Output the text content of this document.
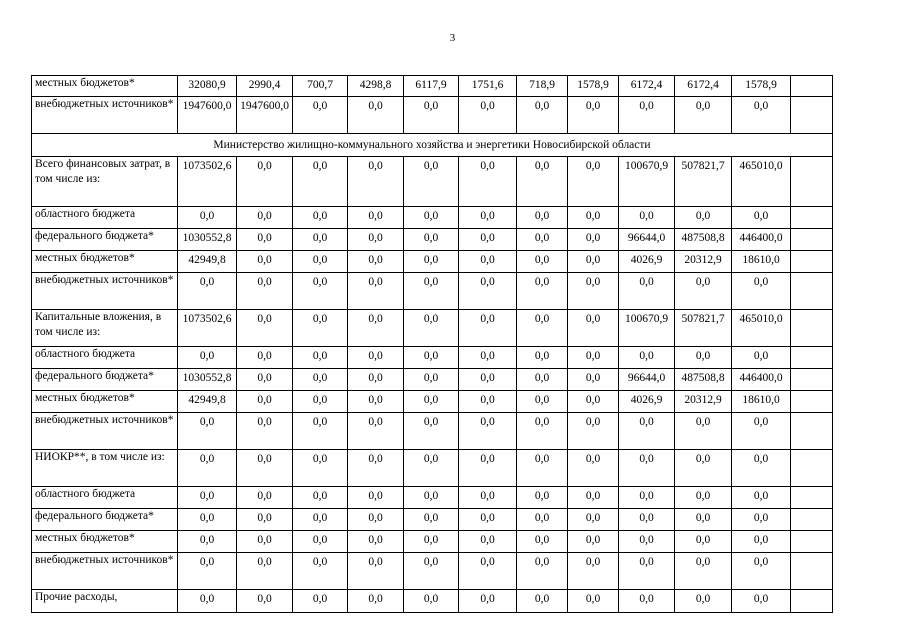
3
местных бюджетов*	32080,9	2990,4	700,7	4298,8	6117,9	1751,6	718,9	1578,9	6172,4	6172,4	1578,9	
внебюджетных источников*	1947600,0	1947600,0	0,0	0,0	0,0	0,0	0,0	0,0	0,0	0,0	0,0	
Министерство жилищно-коммунального хозяйства и энергетики Новосибирской области												
Всего финансовых затрат, в том числе из:	1073502,6	0,0	0,0	0,0	0,0	0,0	0,0	0,0	100670,9	507821,7	465010,0	
областного бюджета	0,0	0,0	0,0	0,0	0,0	0,0	0,0	0,0	0,0	0,0	0,0	
федерального бюджета*	1030552,8	0,0	0,0	0,0	0,0	0,0	0,0	0,0	96644,0	487508,8	446400,0	
местных бюджетов*	42949,8	0,0	0,0	0,0	0,0	0,0	0,0	0,0	4026,9	20312,9	18610,0	
внебюджетных источников*	0,0	0,0	0,0	0,0	0,0	0,0	0,0	0,0	0,0	0,0	0,0	
Капитальные вложения, в том числе из:	1073502,6	0,0	0,0	0,0	0,0	0,0	0,0	0,0	100670,9	507821,7	465010,0	
областного бюджета	0,0	0,0	0,0	0,0	0,0	0,0	0,0	0,0	0,0	0,0	0,0	
федерального бюджета*	1030552,8	0,0	0,0	0,0	0,0	0,0	0,0	0,0	96644,0	487508,8	446400,0	
местных бюджетов*	42949,8	0,0	0,0	0,0	0,0	0,0	0,0	0,0	4026,9	20312,9	18610,0	
внебюджетных источников*	0,0	0,0	0,0	0,0	0,0	0,0	0,0	0,0	0,0	0,0	0,0	
НИОКР**, в том числе из:	0,0	0,0	0,0	0,0	0,0	0,0	0,0	0,0	0,0	0,0	0,0	
областного бюджета	0,0	0,0	0,0	0,0	0,0	0,0	0,0	0,0	0,0	0,0	0,0	
федерального бюджета*	0,0	0,0	0,0	0,0	0,0	0,0	0,0	0,0	0,0	0,0	0,0	
местных бюджетов*	0,0	0,0	0,0	0,0	0,0	0,0	0,0	0,0	0,0	0,0	0,0	
внебюджетных источников*	0,0	0,0	0,0	0,0	0,0	0,0	0,0	0,0	0,0	0,0	0,0	
Прочие расходы,	0,0	0,0	0,0	0,0	0,0	0,0	0,0	0,0	0,0	0,0	0,0	
